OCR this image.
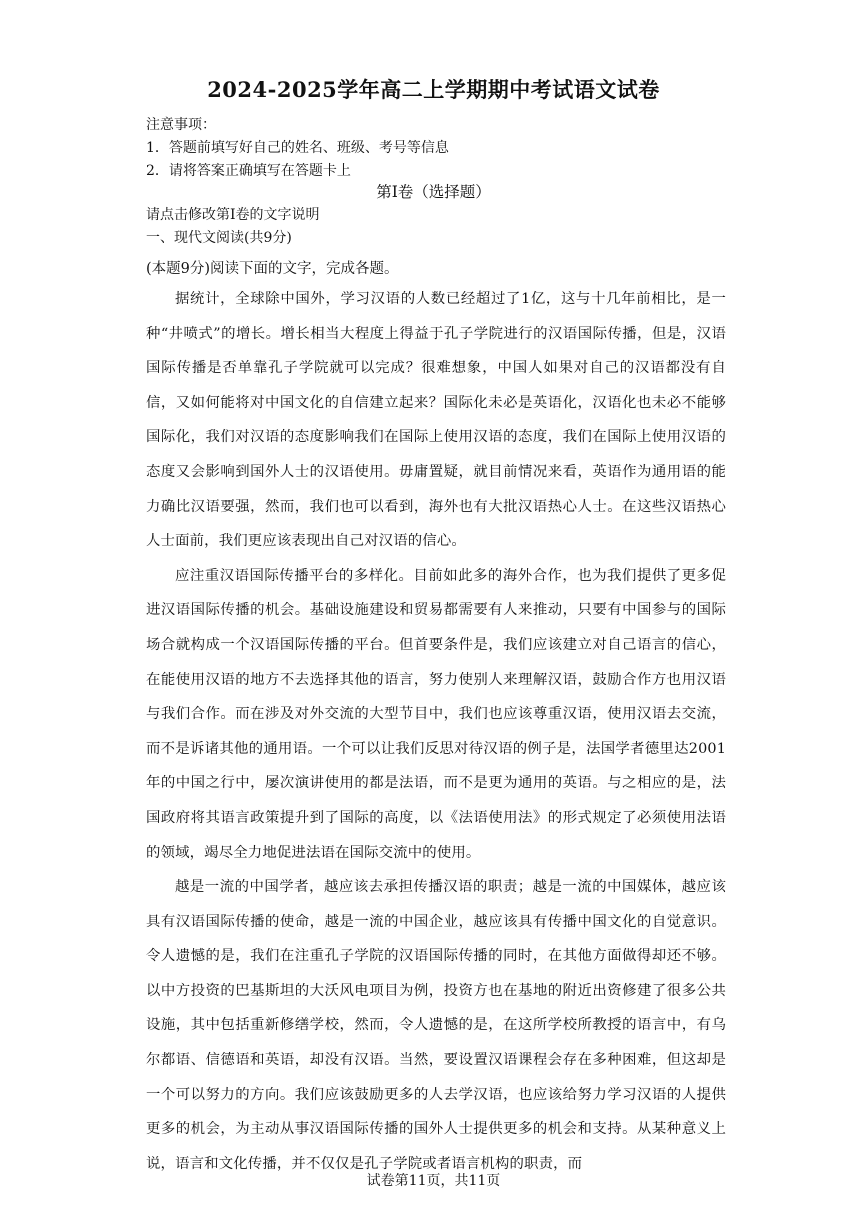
2024-2025学年高二上学期期中考试语文试卷
注意事项：
1．答题前填写好自己的姓名、班级、考号等信息
2．请将答案正确填写在答题卡上
第I卷（选择题）
请点击修改第I卷的文字说明
一、现代文阅读(共9分)
(本题9分)阅读下面的文字，完成各题。

据统计，全球除中国外，学习汉语的人数已经超过了1亿，这与十几年前相比，是一种“井喷式”的增长。增长相当大程度上得益于孔子学院进行的汉语国际传播，但是，汉语国际传播是否单靠孔子学院就可以完成？很难想象，中国人如果对自己的汉语都没有自信，又如何能将对中国文化的自信建立起来？国际化未必是英语化，汉语化也未必不能够国际化，我们对汉语的态度影响我们在国际上使用汉语的态度，我们在国际上使用汉语的态度又会影响到国外人士的汉语使用。毋庸置疑，就目前情况来看，英语作为通用语的能力确比汉语要强，然而，我们也可以看到，海外也有大批汉语热心人士。在这些汉语热心人士面前，我们更应该表现出自己对汉语的信心。

应注重汉语国际传播平台的多样化。目前如此多的海外合作，也为我们提供了更多促进汉语国际传播的机会。基础设施建设和贸易都需要有人来推动，只要有中国参与的国际场合就构成一个汉语国际传播的平台。但首要条件是，我们应该建立对自己语言的信心，在能使用汉语的地方不去选择其他的语言，努力使别人来理解汉语，鼓励合作方也用汉语与我们合作。而在涉及对外交流的大型节目中，我们也应该尊重汉语，使用汉语去交流，而不是诉诸其他的通用语。一个可以让我们反思对待汉语的例子是，法国学者德里达2001年的中国之行中，屡次演讲使用的都是法语，而不是更为通用的英语。与之相应的是，法国政府将其语言政策提升到了国际的高度，以《法语使用法》的形式规定了必须使用法语的领域，竭尽全力地促进法语在国际交流中的使用。

越是一流的中国学者，越应该去承担传播汉语的职责；越是一流的中国媒体，越应该具有汉语国际传播的使命，越是一流的中国企业，越应该具有传播中国文化的自觉意识。令人遗憾的是，我们在注重孔子学院的汉语国际传播的同时，在其他方面做得却还不够。以中方投资的巴基斯坦的大沃风电项目为例，投资方也在基地的附近出资修建了很多公共设施，其中包括重新修缮学校，然而，令人遗憾的是，在这所学校所教授的语言中，有乌尔都语、信德语和英语，却没有汉语。当然，要设置汉语课程会存在多种困难，但这却是一个可以努力的方向。我们应该鼓励更多的人去学汉语，也应该给努力学习汉语的人提供更多的机会，为主动从事汉语国际传播的国外人士提供更多的机会和支持。从某种意义上说，语言和文化传播，并不仅仅是孔子学院或者语言机构的职责，而

试卷第11页，共11页
